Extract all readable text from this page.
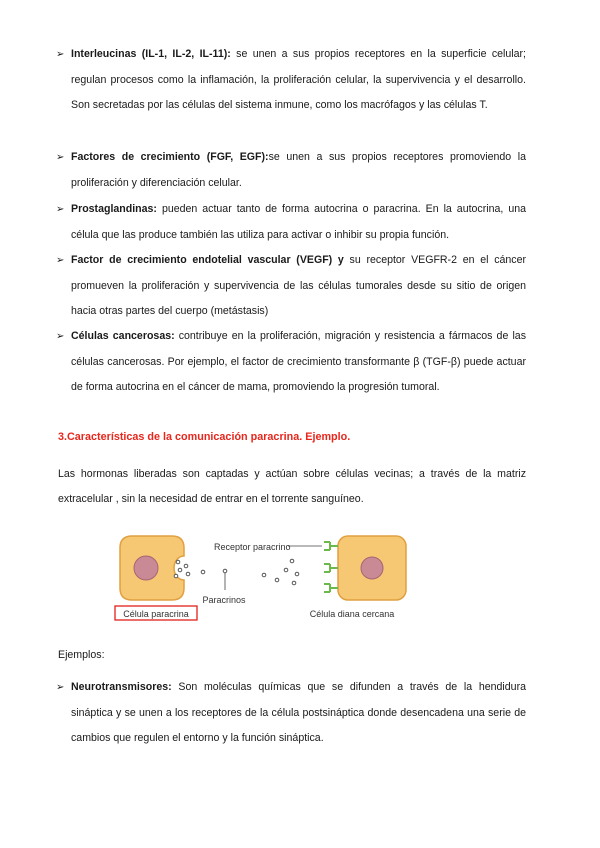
➢ Interleucinas (IL-1, IL-2, IL-11): se unen a sus propios receptores en la superficie celular; regulan procesos como la inflamación, la proliferación celular, la supervivencia y el desarrollo. Son secretadas por las células del sistema inmune, como los macrófagos y las células T.
➢ Factores de crecimiento (FGF, EGF):se unen a sus propios receptores promoviendo la proliferación y diferenciación celular.
➢ Prostaglandinas: pueden actuar tanto de forma autocrina o paracrina. En la autocrina, una célula que las produce también las utiliza para activar o inhibir su propia función.
➢ Factor de crecimiento endotelial vascular (VEGF) y su receptor VEGFR-2 en el cáncer promueven la proliferación y supervivencia de las células tumorales desde su sitio de origen hacia otras partes del cuerpo (metástasis)
➢ Células cancerosas: contribuye en la proliferación, migración y resistencia a fármacos de las células cancerosas. Por ejemplo, el factor de crecimiento transformante β (TGF-β) puede actuar de forma autocrina en el cáncer de mama, promoviendo la progresión tumoral.
3.Características de la comunicación paracrina. Ejemplo.
Las hormonas liberadas son captadas y actúan sobre células vecinas; a través de la matriz extracelular , sin la necesidad de entrar en el torrente sanguíneo.
Paracrinos
Receptor paracrino
Célula paracrina	Célula diana cercana
Ejemplos:
➢ Neurotransmisores: Son moléculas químicas que se difunden a través de la hendidura sináptica y se unen a los receptores de la célula postsináptica donde desencadena una serie de cambios que regulen el entorno y la función sináptica.
